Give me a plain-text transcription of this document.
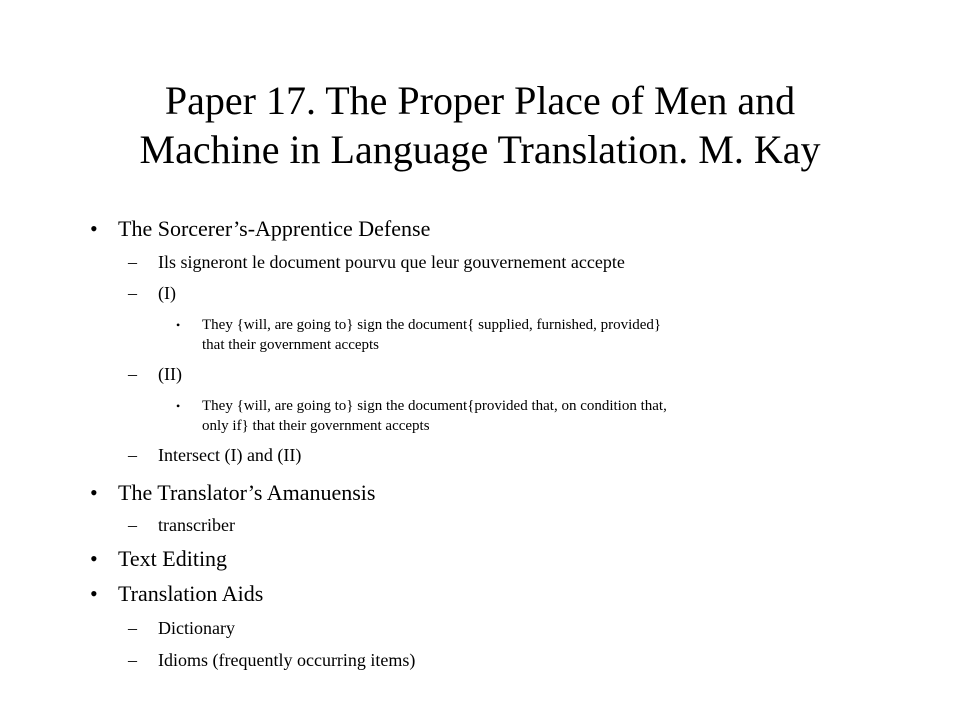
Paper 17. The Proper Place of Men and
Machine in Language Translation. M. Kay
• The Sorcerer’s-Apprentice Defense
– Ils signeront le document pourvu que leur gouvernement accepte
– (I)
• They {will, are going to} sign the document{ supplied, furnished, provided}
that their government accepts
– (II)
• They {will, are going to} sign the document{provided that, on condition that,
only if} that their government accepts
– Intersect (I) and (II)
• The Translator’s Amanuensis
– transcriber
• Text Editing
• Translation Aids
– Dictionary
– Idioms (frequently occurring items)
